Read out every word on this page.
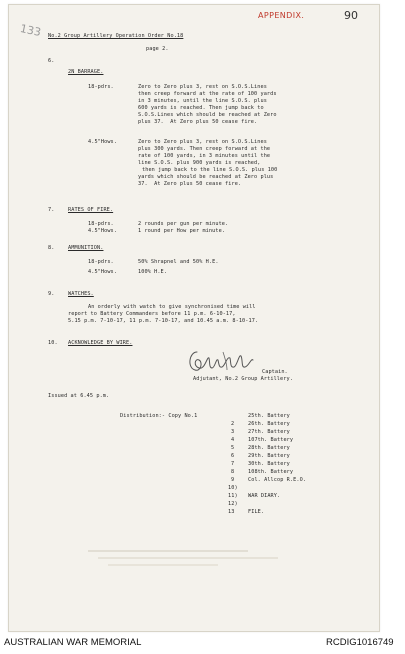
133
APPENDIX.	90
No.2 Group Artillery Operation Order No.18
page 2.
6.
2N BARRAGE.
18-pdrs.	Zero to Zero plus 3, rest on S.O.S.Lines
then creep forward at the rate of 100 yards
in 3 minutes, until the line S.O.S. plus
600 yards is reached. Then jump back to
S.O.S.Lines which should be reached at Zero
plus 37.  At Zero plus 50 cease fire.
4.5"Hows.	Zero to Zero plus 3, rest on S.O.S.Lines
plus 300 yards. Then creep forward at the
rate of 100 yards, in 3 minutes until the
line S.O.S. plus 900 yards is reached,
then jump back to the line S.O.S. plus 100
yards which should be reached at Zero plus
37.  At Zero plus 50 cease fire.
7.	RATES OF FIRE.
18-pdrs.	2 rounds per gun per minute.
4.5"Hows.	1 round per How per minute.
8.	AMMUNITION.
18-pdrs.	50% Shrapnel and 50% H.E.
4.5"Hows.	100% H.E.
9.	WATCHES.
An orderly with watch to give synchronised time will
report to Battery Commanders before 11 p.m. 6-10-17,
5.15 p.m. 7-10-17, 11 p.m. 7-10-17, and 10.45 a.m. 8-10-17.
10. ACKNOWLEDGE BY WIRE.
Captain.
Adjutant, No.2 Group Artillery.
Issued at 6.45 p.m.
Distribution:- Copy No.1	25th. Battery
2	26th. Battery
3	27th. Battery
4	107th. Battery
5	28th. Battery
6	29th. Battery
7	30th. Battery
8	108th. Battery
9	Col. Allcop R.E.O.
10)
11) WAR DIARY.
12)
13	FILE.
AUSTRALIAN WAR MEMORIAL	RCDIG1016749
